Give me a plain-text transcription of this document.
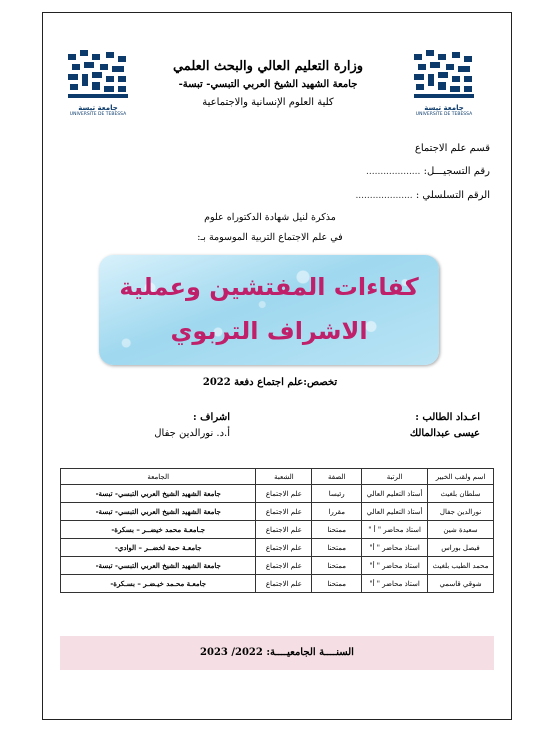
جامعة تبسة
UNIVERSITE DE TEBESSA
جامعة تبسة
UNIVERSITE DE TEBESSA
وزارة التعليم العالي والبحث العلمي
جامعة الشهيد الشيخ العربي التبسي- تبسة-
كلية العلوم الإنسانية والاجتماعية
قسم علم الاجتماع
رقم التسجيـــل: ...................
الرقم التسلسلي : ....................
مذكرة لنيل شهادة الدكتوراه علوم
في علم الاجتماع التربية الموسومة بـ:
كفاءات المفتشين وعملية
الاشراف التربوي
تخصص:علم اجتماع دفعة 2022
اعـداد الطالب :
عيسى عبدالمالك
اشراف :
أ.د. نورالدين جفال
اسم ولقب الخبير	الرتبة	الصفة	الشعبة	الجامعة
سلطان بلغيث	أستاذ التعليم العالي	رئيسا	علم الاجتماع	جامعة الشهيد الشيخ العربي التبسي- تبسة-
نورالدين جفال	أستاذ التعليم العالي	مقررا	علم الاجتماع	جامعة الشهيد الشيخ العربي التبسي- تبسة-
سعيدة شين	استاذ محاضر " أ "	ممتحنا	علم الاجتماع	جـامعـة محمد خيضــر – بسكرة-
فيصل بوراس	استاذ محاضر " أ"	ممتحنا	علم الاجتماع	جامعـة حمة لخضــر – الوادي-
محمد الطيب بلغيث	استاذ محاضر " أ"	ممتحنا	علم الاجتماع	جامعة الشهيد الشيخ العربي التبسي- تبسة-
شوقي قاسمي	استاذ محاضر " أ"	ممتحنا	علم الاجتماع	جامعـة محـمد خيـضـر – بسـكرة-
السنــــة الجامعيــــة: 2022/ 2023
